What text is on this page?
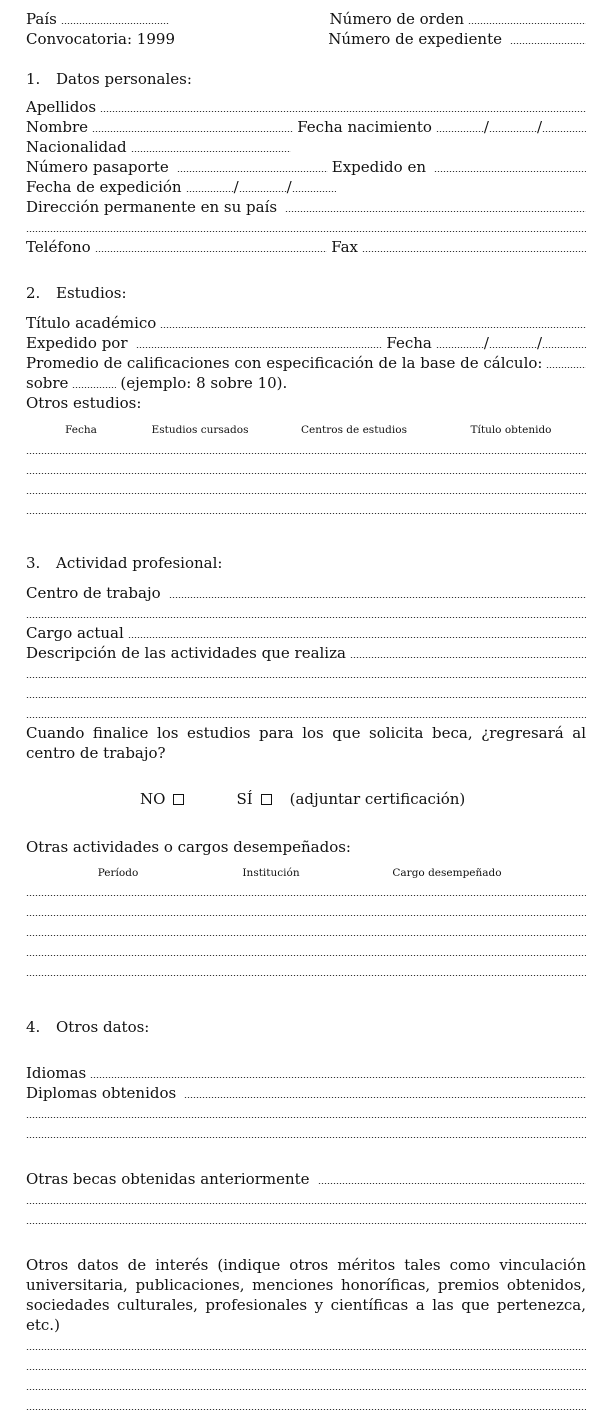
País	Número de orden
Convocatoria: 1999	Número de expediente
1.	Datos personales:
Apellidos
Nombre	Fecha nacimiento	/	/
Nacionalidad
Número pasaporte	Expedido en
Fecha de expedición	/	/
Dirección permanente en su país
Teléfono	Fax
2.	Estudios:
Título académico
Expedido por	Fecha	/	/
Promedio de calificaciones con especificación de la base de cálculo:
sobre	(ejemplo: 8 sobre 10).
Otros estudios:
Fecha	Estudios cursados	Centros de estudios	Título obtenido
3.	Actividad profesional:
Centro de trabajo
Cargo actual
Descripción de las actividades que realiza
Cuando finalice los estudios para los que solicita beca, ¿regresará al centro de trabajo?
NO	SÍ (adjuntar certificación)
Otras actividades o cargos desempeñados:
Período	Institución	Cargo desempeñado
4.	Otros datos:
Idiomas
Diplomas obtenidos
Otras becas obtenidas anteriormente
Otros datos de interés (indique otros méritos tales como vinculación universitaria, publicaciones, menciones honoríficas, premios obtenidos, sociedades culturales, profesionales y científicas a las que pertenezca, etc.)
